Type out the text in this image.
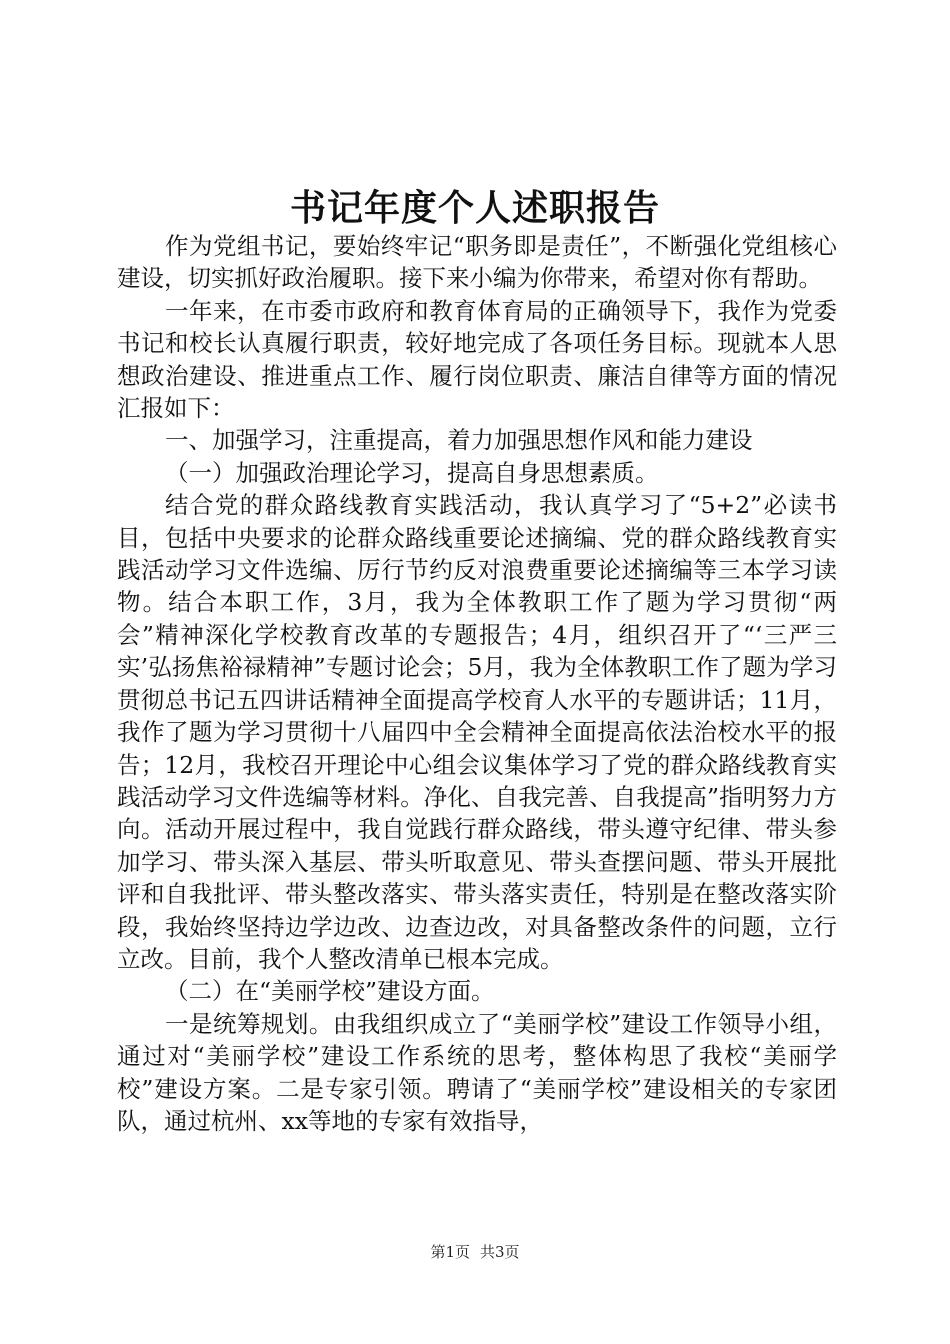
书记年度个人述职报告

作为党组书记，要始终牢记“职务即是责任”，不断强化党组核心建设，切实抓好政治履职。接下来小编为你带来，希望对你有帮助。

一年来，在市委市政府和教育体育局的正确领导下，我作为党委书记和校长认真履行职责，较好地完成了各项任务目标。现就本人思想政治建设、推进重点工作、履行岗位职责、廉洁自律等方面的情况汇报如下：

一、加强学习，注重提高，着力加强思想作风和能力建设

（一）加强政治理论学习，提高自身思想素质。

结合党的群众路线教育实践活动，我认真学习了“5+2”必读书目，包括中央要求的论群众路线重要论述摘编、党的群众路线教育实践活动学习文件选编、厉行节约反对浪费重要论述摘编等三本学习读物。结合本职工作，3月，我为全体教职工作了题为学习贯彻“两会”精神深化学校教育改革的专题报告；4月，组织召开了“‘三严三实’弘扬焦裕禄精神”专题讨论会；5月，我为全体教职工作了题为学习贯彻总书记五四讲话精神全面提高学校育人水平的专题讲话；11月，我作了题为学习贯彻十八届四中全会精神全面提高依法治校水平的报告；12月，我校召开理论中心组会议集体学习了党的群众路线教育实践活动学习文件选编等材料。净化、自我完善、自我提高”指明努力方向。活动开展过程中，我自觉践行群众路线，带头遵守纪律、带头参加学习、带头深入基层、带头听取意见、带头查摆问题、带头开展批评和自我批评、带头整改落实、带头落实责任，特别是在整改落实阶段，我始终坚持边学边改、边查边改，对具备整改条件的问题，立行立改。目前，我个人整改清单已根本完成。

（二）在“美丽学校”建设方面。

一是统筹规划。由我组织成立了“美丽学校”建设工作领导小组，通过对“美丽学校”建设工作系统的思考，整体构思了我校“美丽学校”建设方案。二是专家引领。聘请了“美丽学校”建设相关的专家团队，通过杭州、xx等地的专家有效指导，

第1页 共3页
